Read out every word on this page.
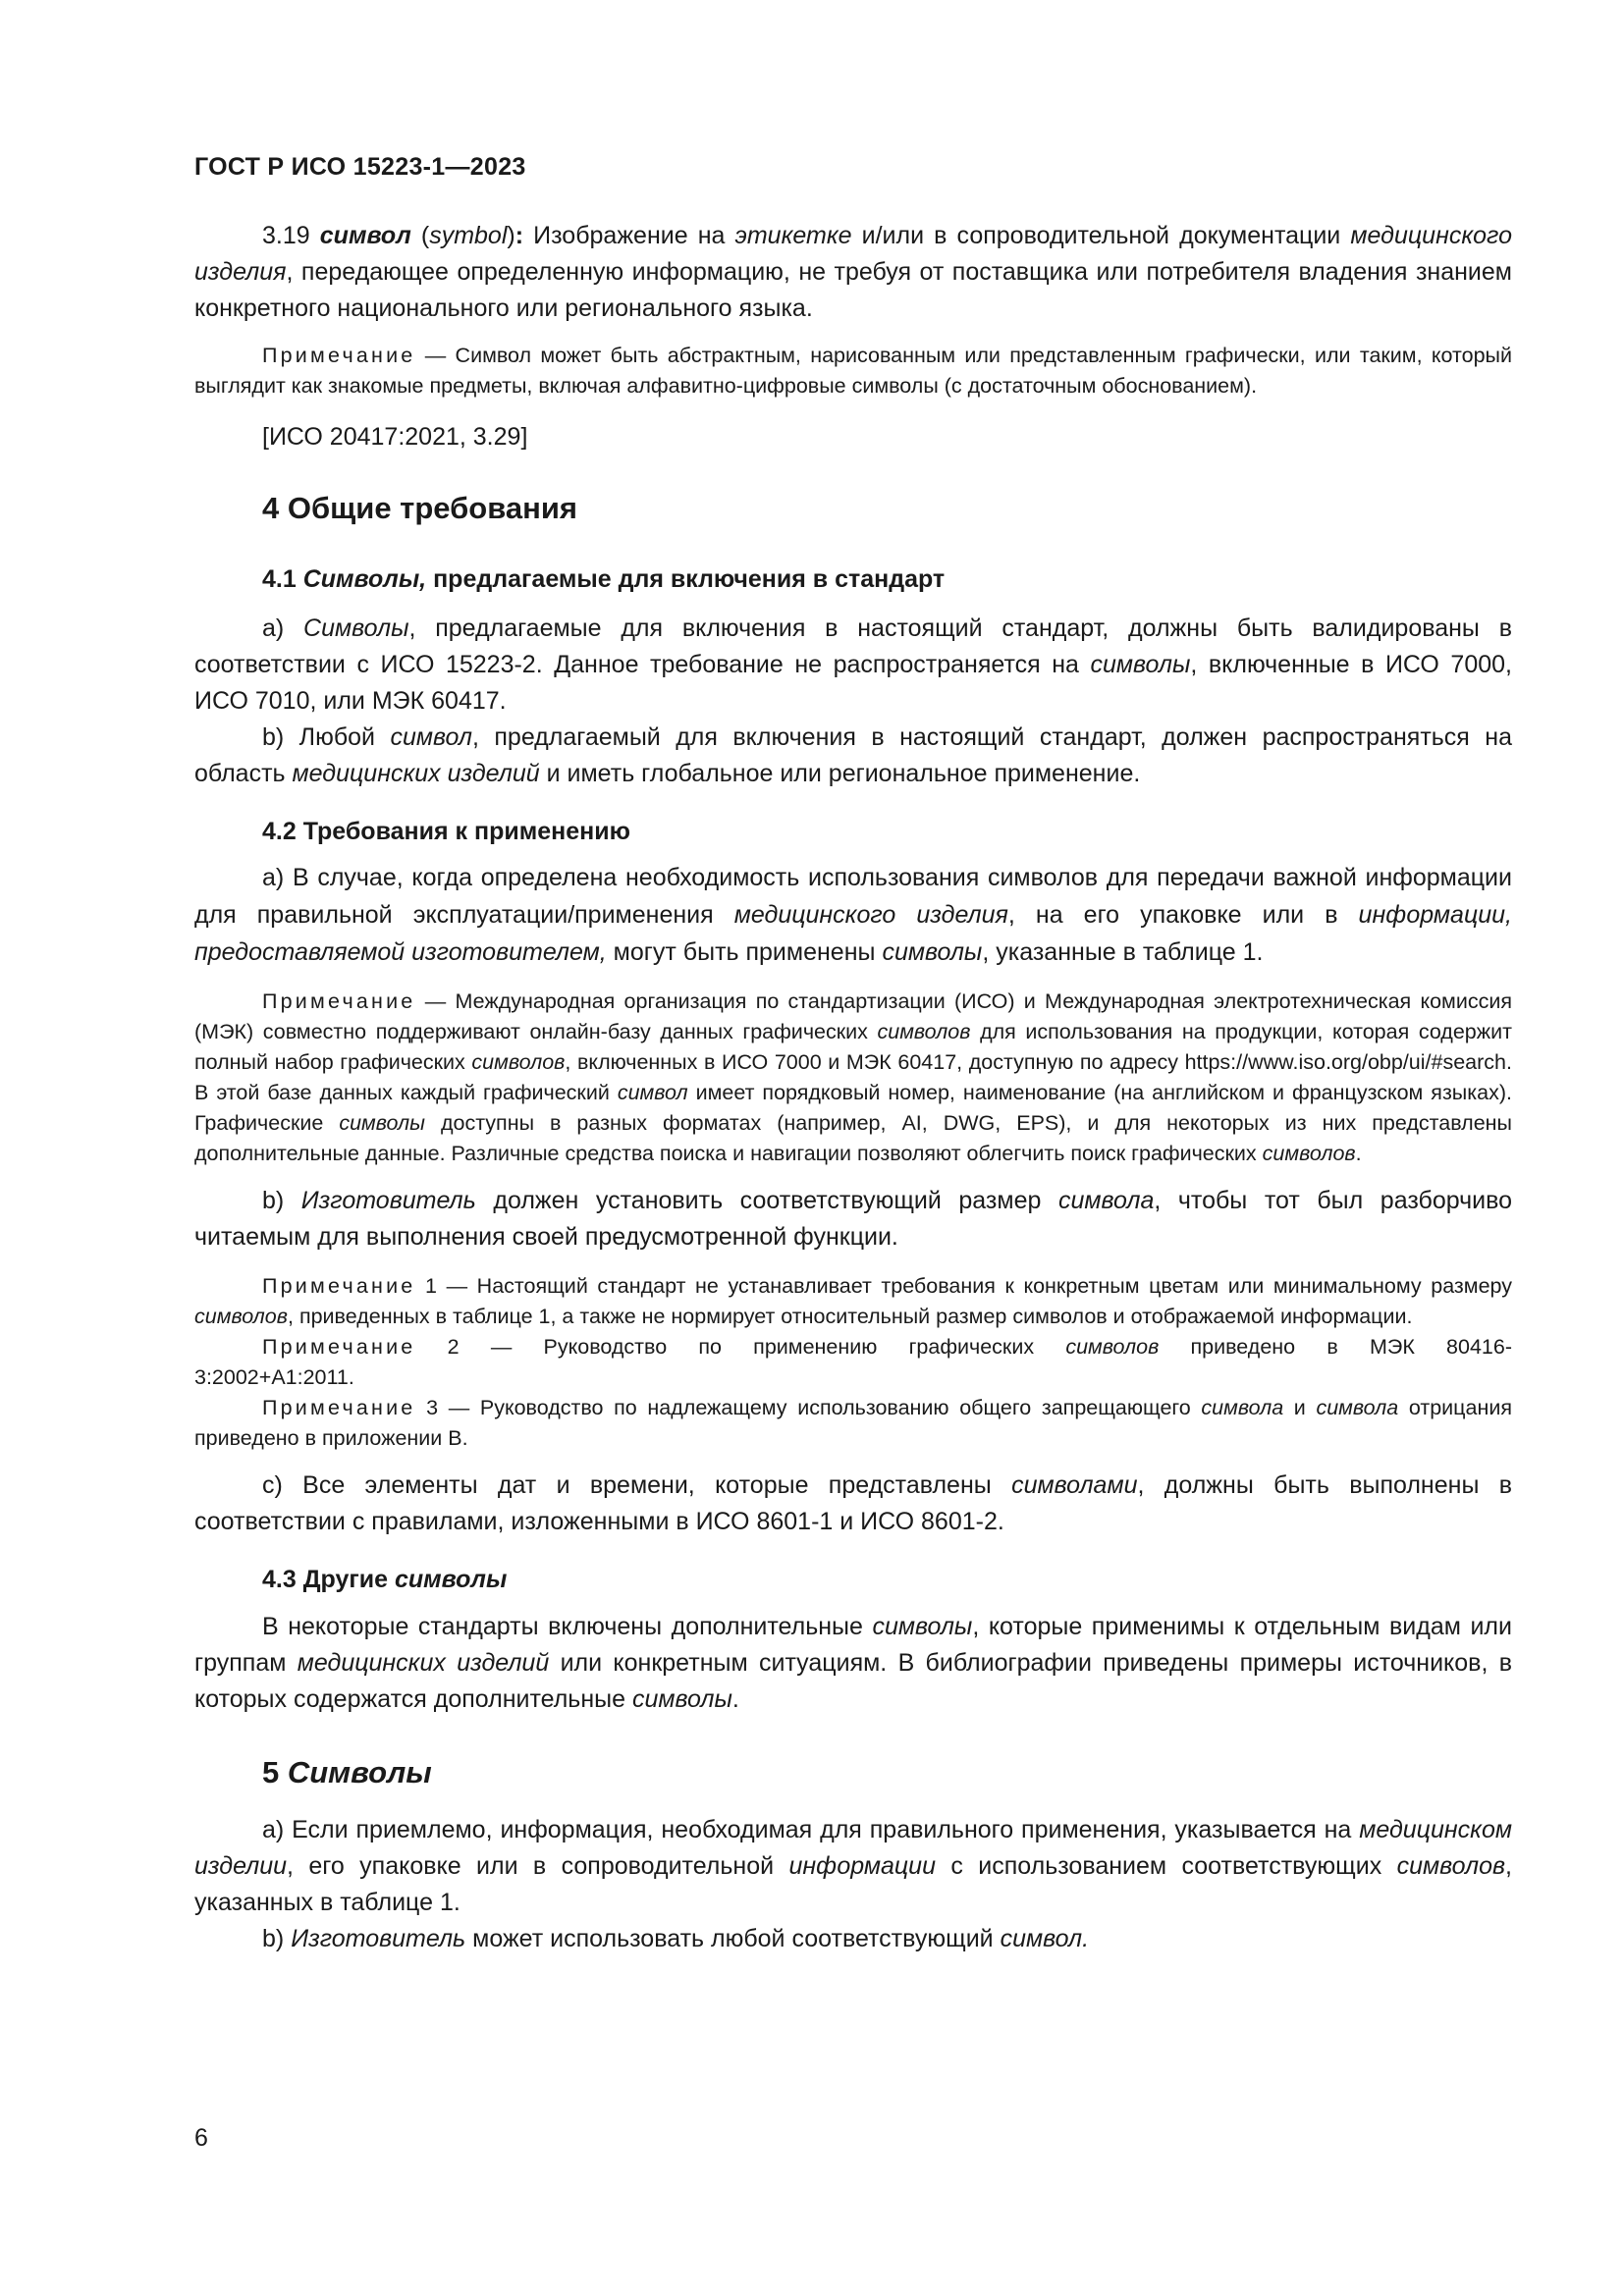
ГОСТ Р ИСО 15223-1—2023

3.19 символ (symbol): Изображение на этикетке и/или в сопроводительной документации медицинского изделия, передающее определенную информацию, не требуя от поставщика или потребителя владения знанием конкретного национального или регионального языка.

Примечание — Символ может быть абстрактным, нарисованным или представленным графически, или таким, который выглядит как знакомые предметы, включая алфавитно-цифровые символы (с достаточным обоснованием).

[ИСО 20417:2021, 3.29]

4 Общие требования

4.1 Символы, предлагаемые для включения в стандарт

а) Символы, предлагаемые для включения в настоящий стандарт, должны быть валидированы в соответствии с ИСО 15223-2. Данное требование не распространяется на символы, включенные в ИСО 7000, ИСО 7010, или МЭК 60417.

b) Любой символ, предлагаемый для включения в настоящий стандарт, должен распространяться на область медицинских изделий и иметь глобальное или региональное применение.

4.2 Требования к применению

а) В случае, когда определена необходимость использования символов для передачи важной информации для правильной эксплуатации/применения медицинского изделия, на его упаковке или в информации, предоставляемой изготовителем, могут быть применены символы, указанные в таблице 1.

Примечание — Международная организация по стандартизации (ИСО) и Международная электротехническая комиссия (МЭК) совместно поддерживают онлайн-базу данных графических символов для использования на продукции, которая содержит полный набор графических символов, включенных в ИСО 7000 и МЭК 60417, доступную по адресу https://www.iso.org/obp/ui/#search. В этой базе данных каждый графический символ имеет порядковый номер, наименование (на английском и французском языках). Графические символы доступны в разных форматах (например, AI, DWG, EPS), и для некоторых из них представлены дополнительные данные. Различные средства поиска и навигации позволяют облегчить поиск графических символов.

b) Изготовитель должен установить соответствующий размер символа, чтобы тот был разборчиво читаемым для выполнения своей предусмотренной функции.

Примечание 1 — Настоящий стандарт не устанавливает требования к конкретным цветам или минимальному размеру символов, приведенных в таблице 1, а также не нормирует относительный размер символов и отображаемой информации.

Примечание 2 — Руководство по применению графических символов приведено в МЭК 80416-3:2002+A1:2011.

Примечание 3 — Руководство по надлежащему использованию общего запрещающего символа и символа отрицания приведено в приложении В.

c) Все элементы дат и времени, которые представлены символами, должны быть выполнены в соответствии с правилами, изложенными в ИСО 8601-1 и ИСО 8601-2.

4.3 Другие символы

В некоторые стандарты включены дополнительные символы, которые применимы к отдельным видам или группам медицинских изделий или конкретным ситуациям. В библиографии приведены примеры источников, в которых содержатся дополнительные символы.

5 Символы

а) Если приемлемо, информация, необходимая для правильного применения, указывается на медицинском изделии, его упаковке или в сопроводительной информации с использованием соответствующих символов, указанных в таблице 1.

b) Изготовитель может использовать любой соответствующий символ.

6
